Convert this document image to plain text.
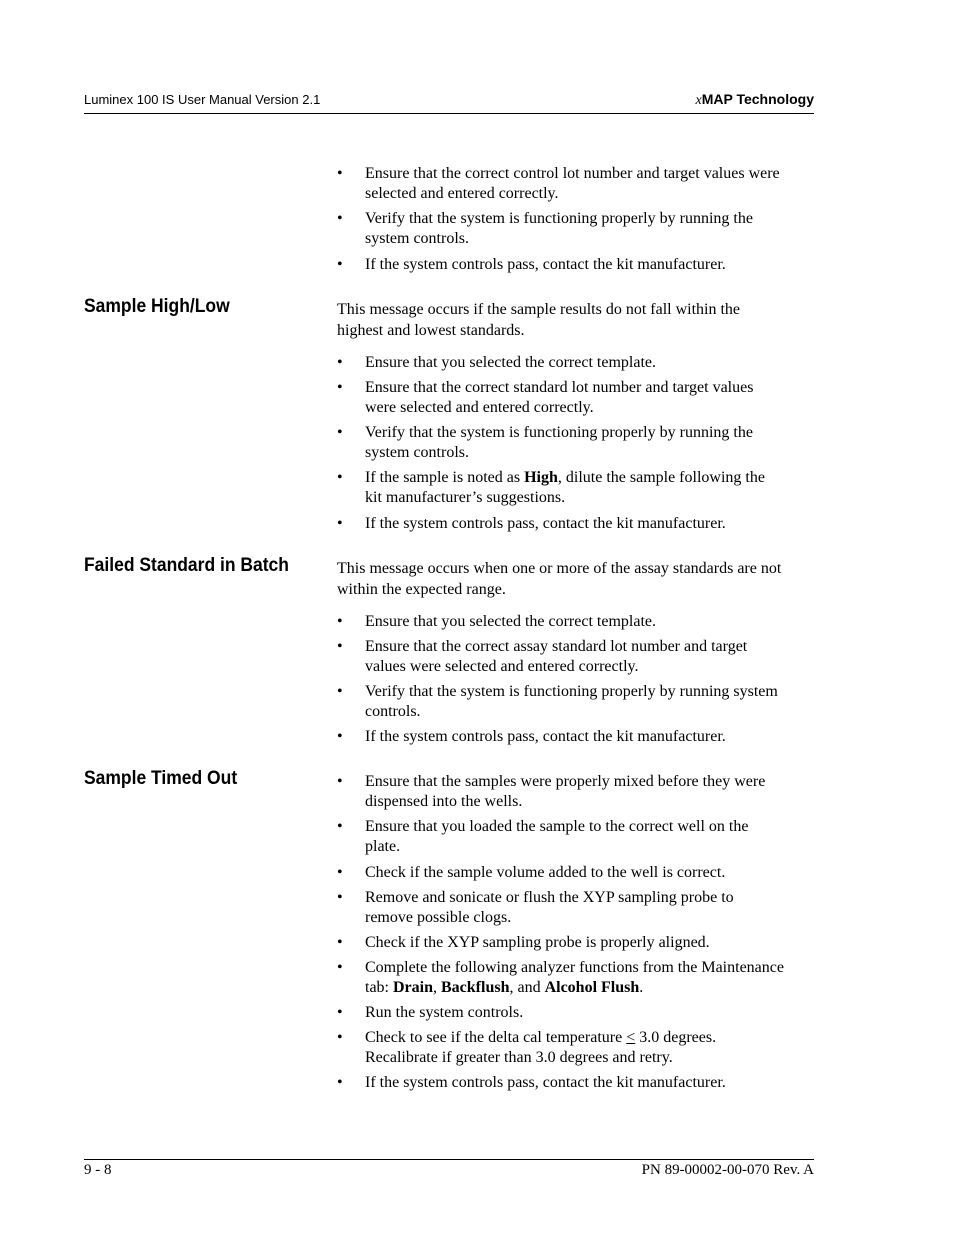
Luminex 100 IS User Manual Version 2.1	xMAP Technology
• Ensure that the correct control lot number and target values were
selected and entered correctly.
• Verify that the system is functioning properly by running the
system controls.
• If the system controls pass, contact the kit manufacturer.
Sample High/Low	This message occurs if the sample results do not fall within the
highest and lowest standards.
• Ensure that you selected the correct template.
• Ensure that the correct standard lot number and target values
were selected and entered correctly.
• Verify that the system is functioning properly by running the
system controls.
• If the sample is noted as High, dilute the sample following the
kit manufacturer’s suggestions.
• If the system controls pass, contact the kit manufacturer.
Failed Standard in Batch	This message occurs when one or more of the assay standards are not
within the expected range.
• Ensure that you selected the correct template.
• Ensure that the correct assay standard lot number and target
values were selected and entered correctly.
• Verify that the system is functioning properly by running system
controls.
• If the system controls pass, contact the kit manufacturer.
Sample Timed Out	• Ensure that the samples were properly mixed before they were
dispensed into the wells.
• Ensure that you loaded the sample to the correct well on the
plate.
• Check if the sample volume added to the well is correct.
• Remove and sonicate or flush the XYP sampling probe to
remove possible clogs.
• Check if the XYP sampling probe is properly aligned.
• Complete the following analyzer functions from the Maintenance
tab: Drain, Backflush, and Alcohol Flush.
• Run the system controls.
• Check to see if the delta cal temperature ≤ 3.0 degrees.
Recalibrate if greater than 3.0 degrees and retry.
• If the system controls pass, contact the kit manufacturer.
9 - 8	PN 89-00002-00-070 Rev. A
